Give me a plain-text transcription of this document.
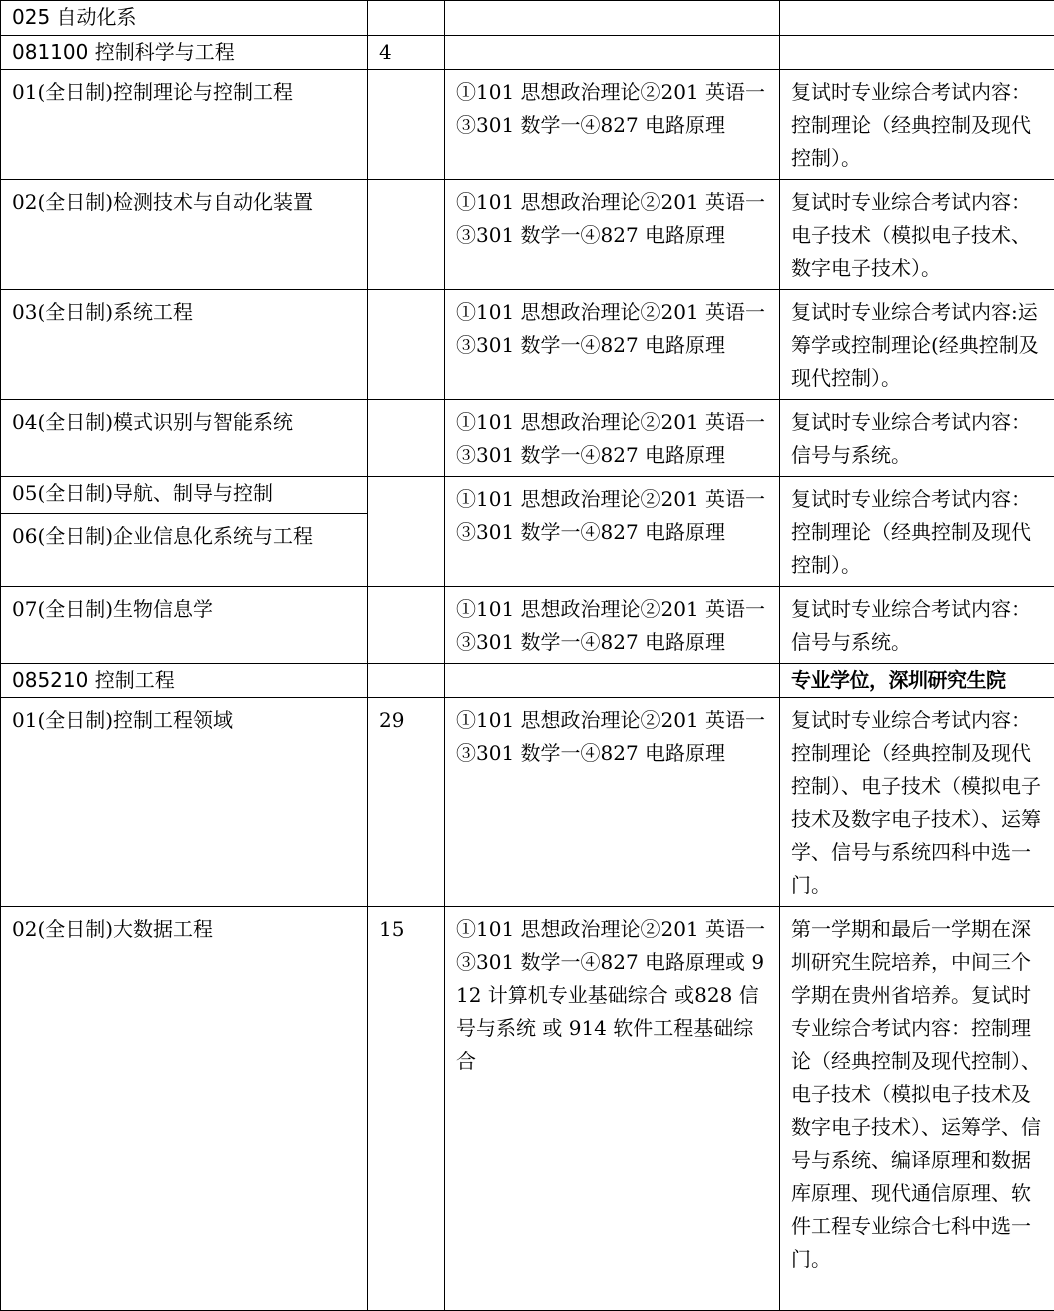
025 自动化系			
081100 控制科学与工程	4		
01(全日制)控制理论与控制工程		①101 思想政治理论②201 英语一③301 数学一④827 电路原理	复试时专业综合考试内容：控制理论（经典控制及现代控制）。
02(全日制)检测技术与自动化装置		①101 思想政治理论②201 英语一③301 数学一④827 电路原理	复试时专业综合考试内容：电子技术（模拟电子技术、数字电子技术）。
03(全日制)系统工程		①101 思想政治理论②201 英语一③301 数学一④827 电路原理	复试时专业综合考试内容:运筹学或控制理论(经典控制及现代控制）。
04(全日制)模式识别与智能系统		①101 思想政治理论②201 英语一③301 数学一④827 电路原理	复试时专业综合考试内容：信号与系统。
05(全日制)导航、制导与控制		①101 思想政治理论②201 英语一③301 数学一④827 电路原理	复试时专业综合考试内容：控制理论（经典控制及现代控制）。
06(全日制)企业信息化系统与工程			
07(全日制)生物信息学		①101 思想政治理论②201 英语一③301 数学一④827 电路原理	复试时专业综合考试内容：信号与系统。
085210 控制工程			专业学位，深圳研究生院
01(全日制)控制工程领域	29	①101 思想政治理论②201 英语一③301 数学一④827 电路原理	复试时专业综合考试内容：控制理论（经典控制及现代控制）、电子技术（模拟电子技术及数字电子技术）、运筹学、信号与系统四科中选一门。
02(全日制)大数据工程	15	①101 思想政治理论②201 英语一③301 数学一④827 电路原理或 912 计算机专业基础综合 或828 信号与系统 或 914 软件工程基础综合	第一学期和最后一学期在深圳研究生院培养，中间三个学期在贵州省培养。复试时专业综合考试内容：控制理论（经典控制及现代控制）、电子技术（模拟电子技术及数字电子技术）、运筹学、信号与系统、编译原理和数据库原理、现代通信原理、软件工程专业综合七科中选一门。
